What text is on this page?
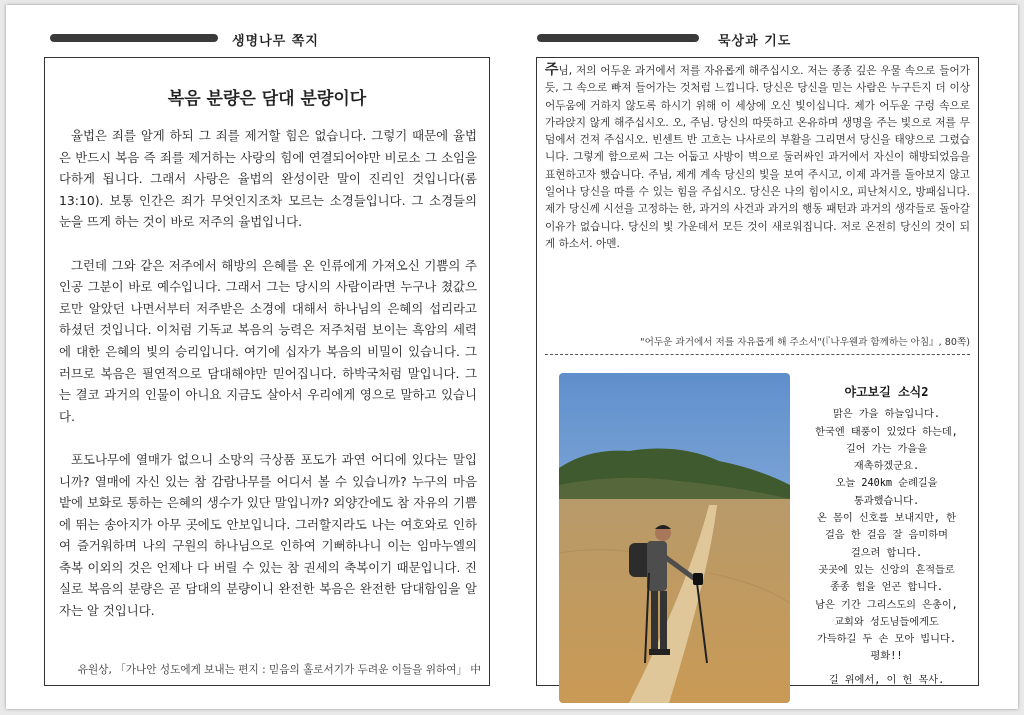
생명나무 쪽지
복음 분량은 담대 분량이다

율법은 죄를 알게 하되 그 죄를 제거할 힘은 없습니다. 그렇기 때문에 율법은 반드시 복음 즉 죄를 제거하는 사랑의 힘에 연결되어야만 비로소 그 소임을 다하게 됩니다. 그래서 사랑은 율법의 완성이란 말이 진리인 것입니다(롬 13:10). 보통 인간은 죄가 무엇인지조차 모르는 소경들입니다. 그 소경들의 눈을 뜨게 하는 것이 바로 저주의 율법입니다.

그런데 그와 같은 저주에서 해방의 은혜를 온 인류에게 가져오신 기쁨의 주인공 그분이 바로 예수입니다. 그래서 그는 당시의 사람이라면 누구나 쳤값으로만 알았던 나면서부터 저주받은 소경에 대해서 하나님의 은혜의 섭리라고 하셨던 것입니다. 이처럼 기독교 복음의 능력은 저주처럼 보이는 흑암의 세력에 대한 은혜의 빛의 승리입니다. 여기에 십자가 복음의 비밀이 있습니다. 그러므로 복음은 필연적으로 담대해야만 믿어집니다. 하박국처럼 말입니다. 그는 결코 과거의 인물이 아니요 지금도 살아서 우리에게 영으로 말하고 있습니다.

포도나무에 열매가 없으니 소망의 극상품 포도가 과연 어디에 있다는 말입니까? 열매에 자신 있는 참 감람나무를 어디서 볼 수 있습니까? 누구의 마음 밭에 보화로 통하는 은혜의 생수가 있단 말입니까? 외양간에도 참 자유의 기쁨에 뛰는 송아지가 아무 곳에도 안보입니다. 그러할지라도 나는 여호와로 인하여 즐거워하며 나의 구원의 하나님으로 인하여 기뻐하나니 이는 임마누엘의 축복 이외의 것은 언제나 다 버릴 수 있는 참 권세의 축복이기 때문입니다. 진실로 복음의 분량은 곧 담대의 분량이니 완전한 복음은 완전한 담대함임을 알 자는 알 것입니다.

유원상, 「가나안 성도에게 보내는 편지 : 믿음의 홀로서기가 두려운 이들을 위하여」 中
묵상과 기도
주님, 저의 어두운 과거에서 저를 자유롭게 해주십시오. 저는 종종 깊은 우물 속으로 들어가듯, 그 속으로 빠져 들어가는 것처럼 느낍니다. 당신은 당신을 믿는 사람은 누구든지 더 이상 어두움에 거하지 않도록 하시기 위해 이 세상에 오신 빛이십니다. 제가 어두운 구렁 속으로 가라앉지 않게 해주십시오. 오, 주님. 당신의 따뜻하고 온유하며 생명을 주는 빛으로 저를 무덤에서 건져 주십시오. 빈센트 반 고흐는 나사로의 부활을 그리면서 당신을 태양으로 그렸습니다. 그렇게 함으로써 그는 어둡고 사방이 벽으로 둘러싸인 과거에서 자신이 해방되었음을 표현하고자 했습니다. 주님, 제게 계속 당신의 빛을 보여 주시고, 이제 과거를 돌아보지 않고 일어나 당신을 따를 수 있는 힘을 주십시오. 당신은 나의 힘이시오, 피난처시오, 방패십니다. 제가 당신께 시선을 고정하는 한, 과거의 사건과 과거의 행동 패턴과 과거의 생각들로 돌아갈 이유가 없습니다. 당신의 빛 가운데서 모든 것이 새로워집니다. 저로 온전히 당신의 것이 되게 하소서. 아멘.
"어두운 과거에서 저를 자유롭게 해 주소서"(『나우웬과 함께하는 아침』, 80쪽)
야고보길 소식2
맑은 가을 하늘입니다.
한국엔 태풍이 있었다 하는데,
길어 가는 가을을
재촉하겠군요.
오늘 240km 순례길을
통과했습니다.
온 몸이 신호를 보내지만, 한
걸음 한 걸음 잘 음미하며
걸으려 합니다.
곳곳에 있는 신앙의 흔적들로
종종 힘을 얻곤 합니다.
남은 기간 그리스도의 은총이,
교회와 성도님들에게도
가득하길 두 손 모아 빕니다.
평화!!
길 위에서, 이 헌 목사.
